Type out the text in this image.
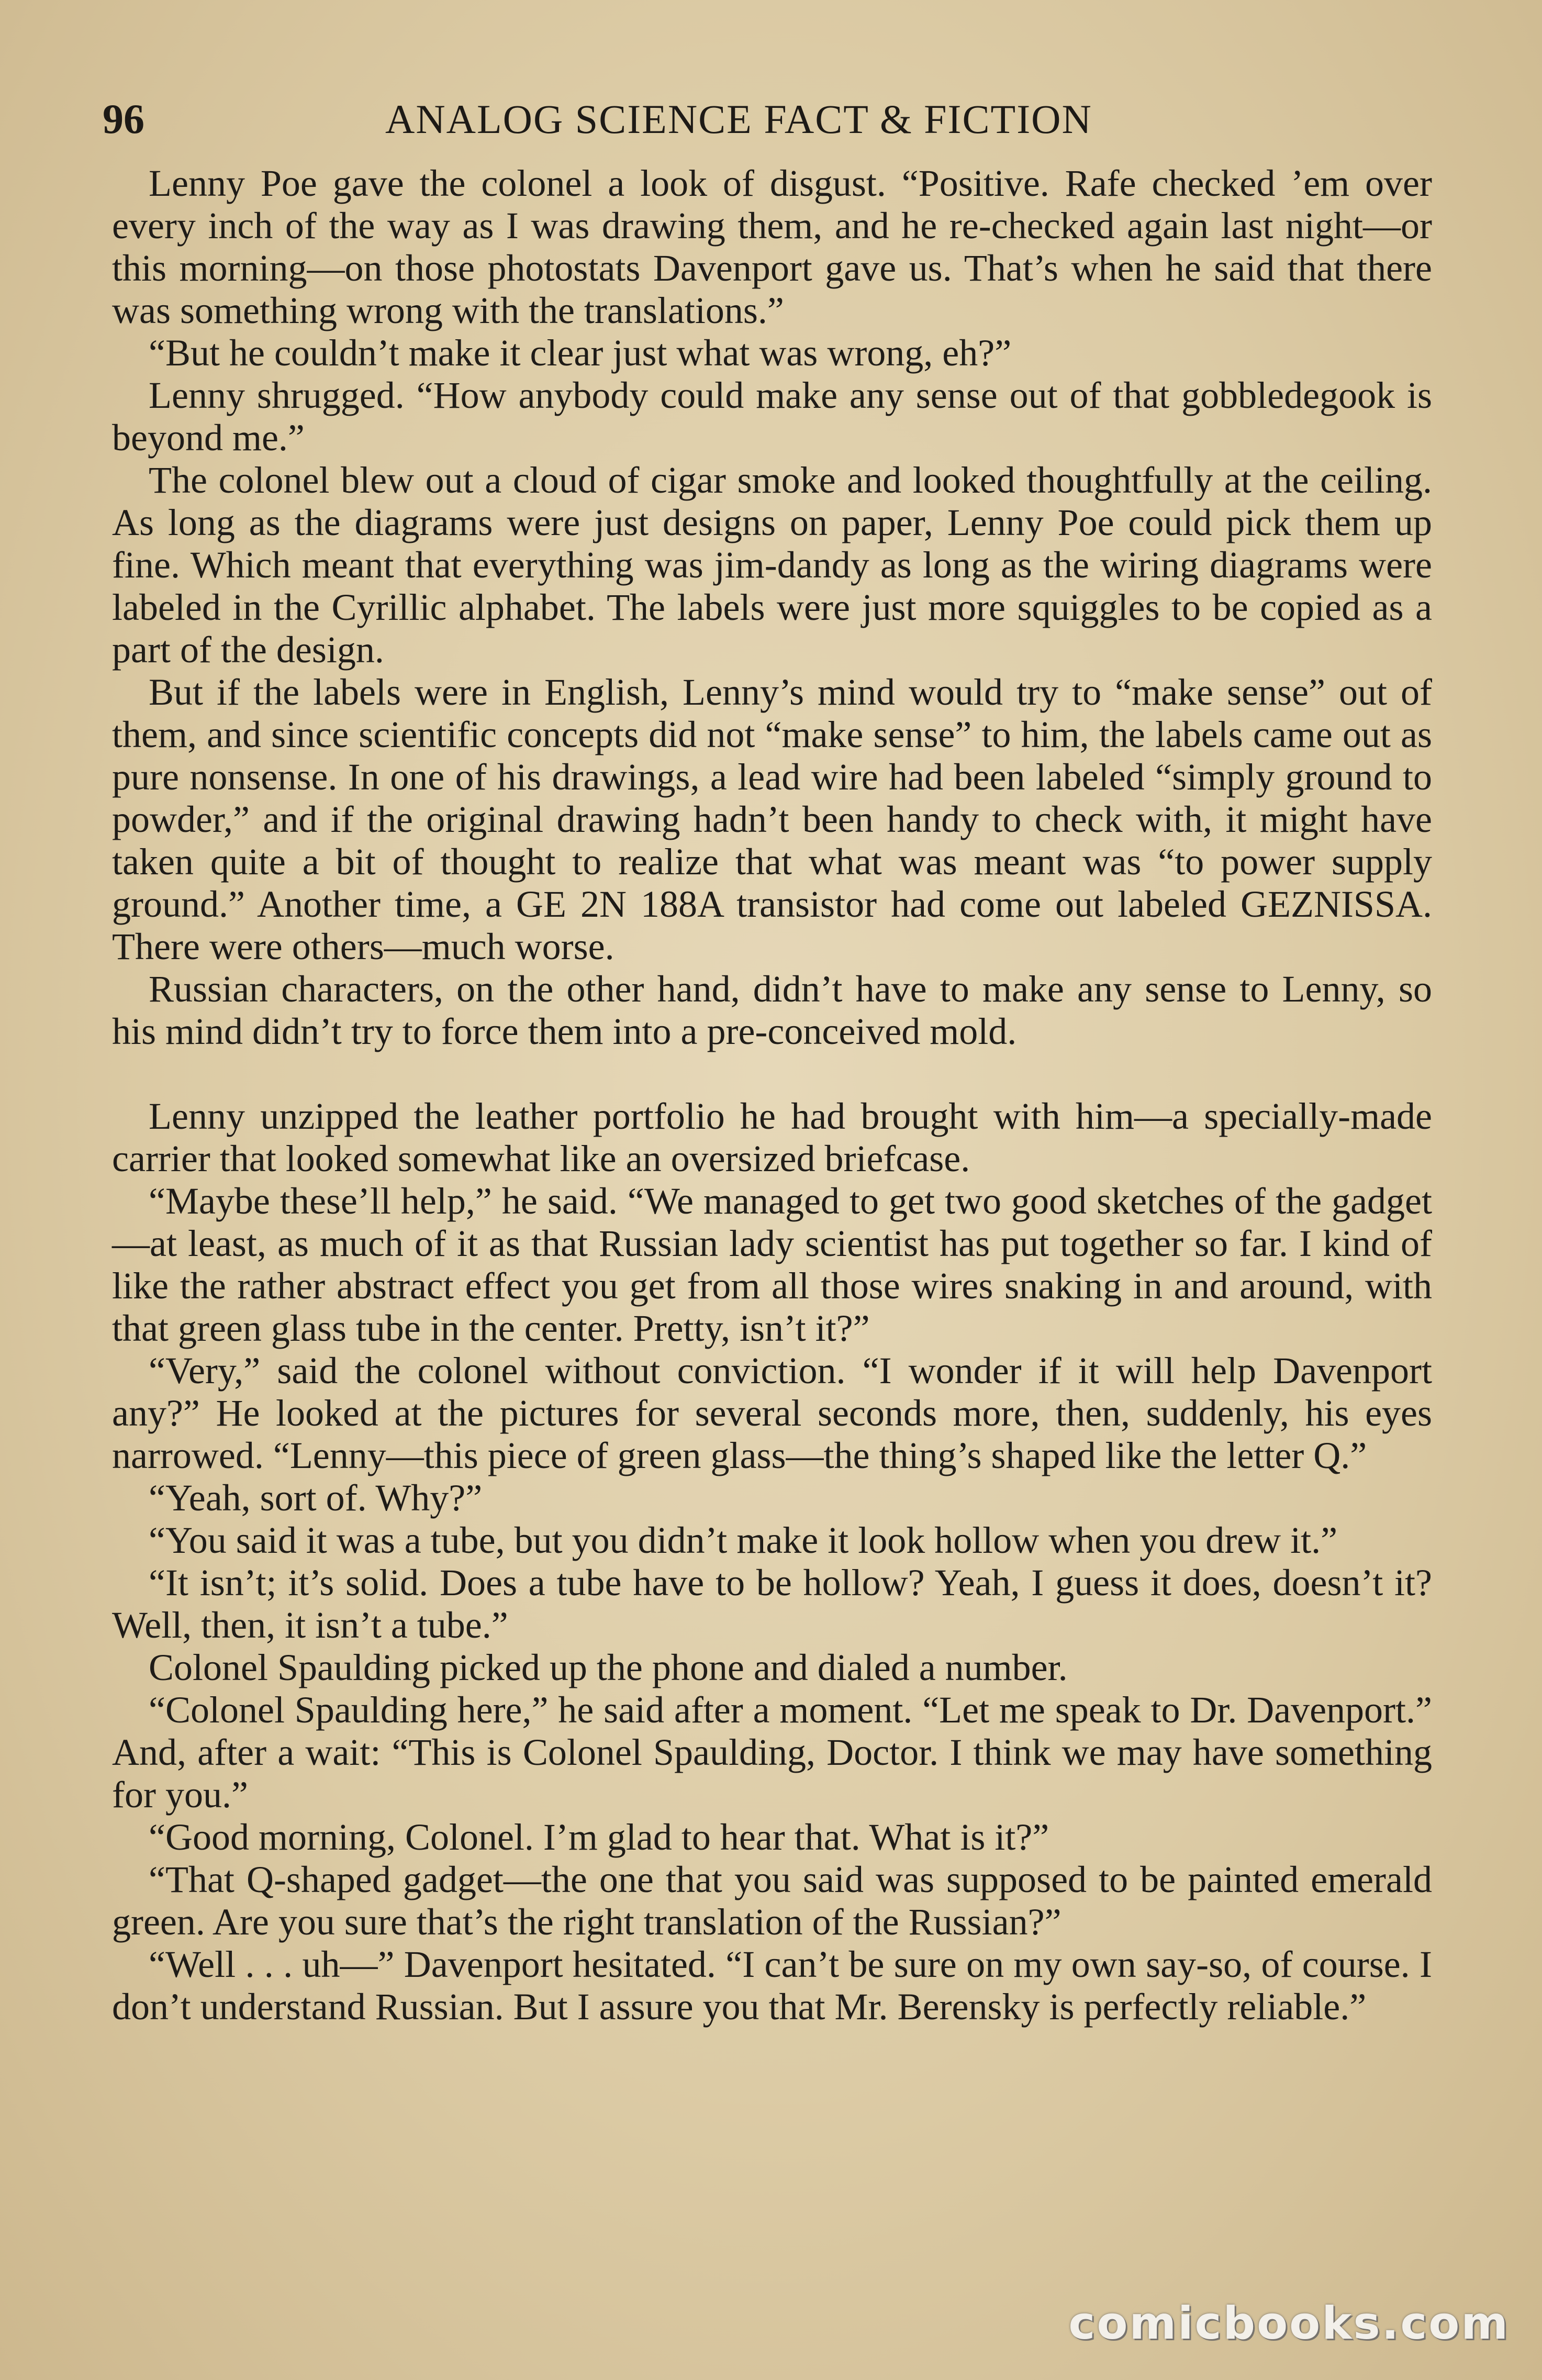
96	ANALOG SCIENCE FACT & FICTION

Lenny Poe gave the colonel a look of disgust. “Positive. Rafe checked ’em over every inch of the way as I was drawing them, and he re-checked again last night—or this morning—on those photostats Davenport gave us. That’s when he said that there was something wrong with the translations.”

“But he couldn’t make it clear just what was wrong, eh?”

Lenny shrugged. “How anybody could make any sense out of that gobbledegook is beyond me.”

The colonel blew out a cloud of cigar smoke and looked thoughtfully at the ceiling. As long as the diagrams were just designs on paper, Lenny Poe could pick them up fine. Which meant that everything was jim-dandy as long as the wiring diagrams were labeled in the Cyrillic alphabet. The labels were just more squiggles to be copied as a part of the design.

But if the labels were in English, Lenny’s mind would try to “make sense” out of them, and since scientific concepts did not “make sense” to him, the labels came out as pure nonsense. In one of his drawings, a lead wire had been labeled “simply ground to powder,” and if the original drawing hadn’t been handy to check with, it might have taken quite a bit of thought to realize that what was meant was “to power supply ground.” Another time, a GE 2N 188A transistor had come out labeled GEZNISSA. There were others—much worse.

Russian characters, on the other hand, didn’t have to make any sense to Lenny, so his mind didn’t try to force them into a pre-conceived mold.

Lenny unzipped the leather portfolio he had brought with him—a specially-made carrier that looked somewhat like an oversized briefcase.

“Maybe these’ll help,” he said. “We managed to get two good sketches of the gadget—at least, as much of it as that Russian lady scientist has put together so far. I kind of like the rather abstract effect you get from all those wires snaking in and around, with that green glass tube in the center. Pretty, isn’t it?”

“Very,” said the colonel without conviction. “I wonder if it will help Davenport any?” He looked at the pictures for several seconds more, then, suddenly, his eyes narrowed. “Lenny—this piece of green glass—the thing’s shaped like the letter Q.”

“Yeah, sort of. Why?”

“You said it was a tube, but you didn’t make it look hollow when you drew it.”

“It isn’t; it’s solid. Does a tube have to be hollow? Yeah, I guess it does, doesn’t it? Well, then, it isn’t a tube.”

Colonel Spaulding picked up the phone and dialed a number.

“Colonel Spaulding here,” he said after a moment. “Let me speak to Dr. Davenport.” And, after a wait: “This is Colonel Spaulding, Doctor. I think we may have something for you.”

“Good morning, Colonel. I’m glad to hear that. What is it?”

“That Q-shaped gadget—the one that you said was supposed to be painted emerald green. Are you sure that’s the right translation of the Russian?”

“Well . . . uh—” Davenport hesitated. “I can’t be sure on my own say-so, of course. I don’t understand Russian. But I assure you that Mr. Berensky is perfectly reliable.”

comicbooks.com
